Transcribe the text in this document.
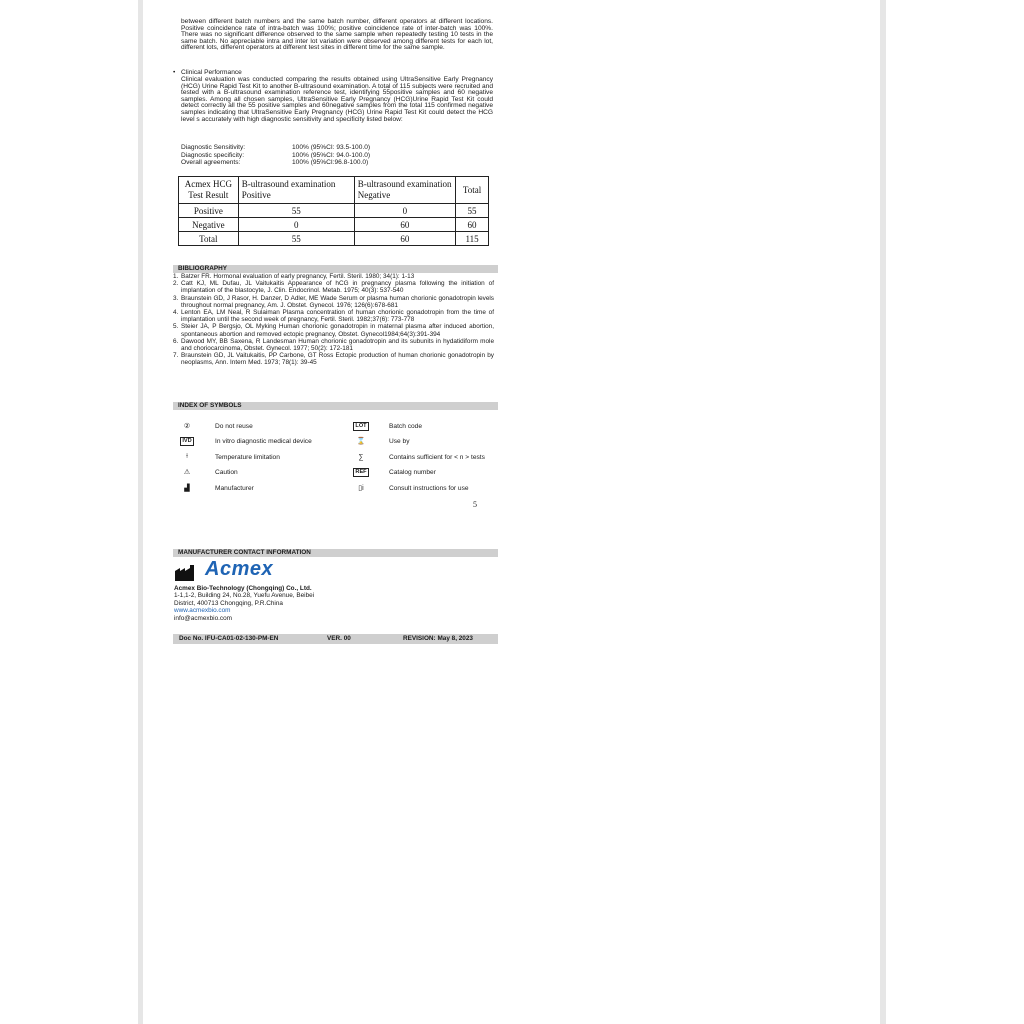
between different batch numbers and the same batch number, different operators at different locations. Positive coincidence rate of intra-batch was 100%; positive coincidence rate of inter-batch was 100%. There was no significant difference observed to the same sample when repeatedly testing 10 tests in the same batch. No appreciable intra and inter lot variation were observed among different tests for each lot, different lots, different operators at different test sites in different time for the same sample.

• Clinical Performance

Clinical evaluation was conducted comparing the results obtained using UltraSensitive Early Pregnancy (HCG) Urine Rapid Test Kit to another B-ultrasound examination. A total of 115 subjects were recruited and tested with a B-ultrasound examination reference test, identifying 55positive samples and 60 negative samples. Among all chosen samples, UltraSensitive Early Pregnancy (HCG)Urine Rapid Test Kit could detect correctly all the 55 positive samples and 60negative samples from the total 115 confirmed negative samples indicating that UltraSensitive Early Pregnancy (HCG) Urine Rapid Test Kit could detect the HCG level s accurately with high diagnostic sensitivity and specificity listed below:

Diagnostic Sensitivity:	100% (95%CI: 93.5-100.0)
Diagnostic specificity:	100% (95%CI: 94.0-100.0)
Overall agreements:	100% (95%CI:96.8-100.0)
Acmex HCG Test Result	B-ultrasound examination Positive	B-ultrasound examination Negative	Total
Positive	55	0	55
Negative	0	60	60
Total	55	60	115
BIBLIOGRAPHY
1. Batzer FR. Hormonal evaluation of early pregnancy, Fertil. Steril. 1980; 34(1): 1-13
2. Catt KJ, ML Dufau, JL Vaitukaitis Appearance of hCG in pregnancy plasma following the initiation of implantation of the blastocyte, J. Clin. Endocrinol. Metab. 1975; 40(3): 537-540
3. Braunstein GD, J Rasor, H. Danzer, D Adler, ME Wade Serum or plasma human chorionic gonadotropin levels throughout normal pregnancy, Am. J. Obstet. Gynecol. 1976; 126(6):678-681
4. Lenton EA, LM Neal, R Sulaiman Plasma concentration of human chorionic gonadotropin from the time of implantation until the second week of pregnancy, Fertil. Steril. 1982;37(6): 773-778
5. Steier JA, P Bergsjo, OL Myking Human chorionic gonadotropin in maternal plasma after induced abortion, spontaneous abortion and removed ectopic pregnancy, Obstet. Gynecol1984;64(3):391-394
6. Dawood MY, BB Saxena, R Landesman Human chorionic gonadotropin and its subunits in hydatidiform mole and choriocarcinoma, Obstet. Gynecol. 1977; 50(2): 172-181
7. Braunstein GD, JL Vaitukaitis, PP Carbone, GT Ross Ectopic production of human chorionic gonadotropin by neoplasms, Ann. Intern Med. 1973; 78(1): 39-45
INDEX OF SYMBOLS
②	Do not reuse
IVD	In vitro diagnostic medical device
⟊	Temperature limitation
⚠	Caution
▟	Manufacturer
LOT	Batch code
⌛	Use by
∑	Contains sufficient for < n > tests
REF	Catalog number
▯i	Consult instructions for use
5
MANUFACTURER CONTACT INFORMATION
Acmex
Acmex Bio-Technology (Chongqing) Co., Ltd.
1-1,1-2, Building 24, No.28, Yuefu Avenue, Beibei
District, 400713 Chongqing, P.R.China
www.acmexbio.com
info@acmexbio.com
Doc No. IFU-CA01-02-130-PM-EN	VER. 00	REVISION: May 8, 2023
